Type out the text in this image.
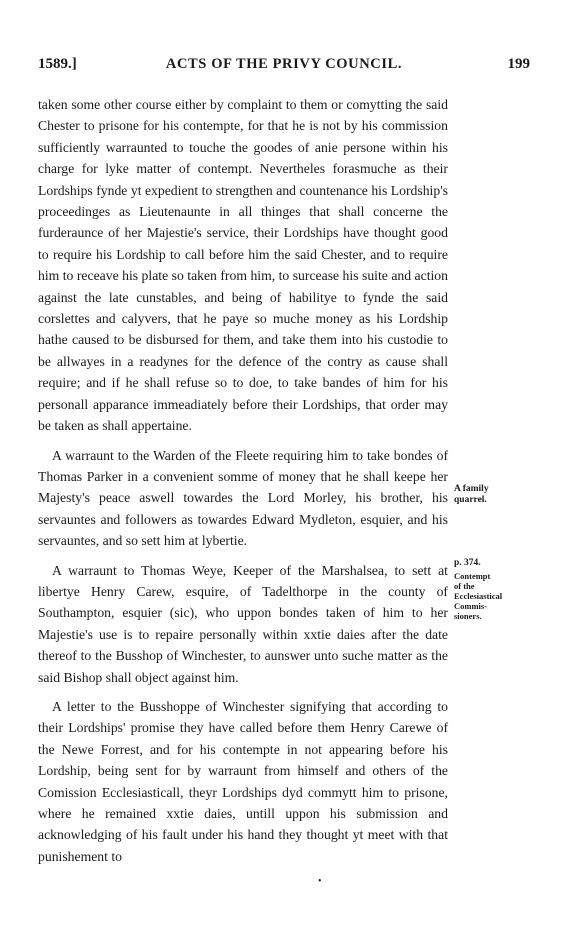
1589.]	ACTS OF THE PRIVY COUNCIL.	199

taken some other course either by complaint to them or comytting the said Chester to prisone for his contempte, for that he is not by his commission sufficiently warraunted to touche the goodes of anie persone within his charge for lyke matter of contempt. Nevertheles forasmuche as their Lordships fynde yt expedient to strengthen and countenance his Lordship's proceedinges as Lieutenaunte in all thinges that shall concerne the furderaunce of her Majestie's service, their Lordships have thought good to require his Lordship to call before him the said Chester, and to require him to receave his plate so taken from him, to surcease his suite and action against the late cunstables, and being of habilitye to fynde the said corslettes and calyvers, that he paye so muche money as his Lordship hathe caused to be disbursed for them, and take them into his custodie to be allwayes in a readynes for the defence of the contry as cause shall require; and if he shall refuse so to doe, to take bandes of him for his personall apparance immeadiately before their Lordships, that order may be taken as shall appertaine.

A warraunt to the Warden of the Fleete requiring him to take bondes of Thomas Parker in a convenient somme of money that he shall keepe her Majesty's peace aswell towardes the Lord Morley, his brother, his servauntes and followers as towardes Edward Mydleton, esquier, and his servauntes, and so sett him at lybertie.

A warraunt to Thomas Weye, Keeper of the Marshalsea, to sett at libertye Henry Carew, esquire, of Tadelthorpe in the county of Southampton, esquier (sic), who uppon bondes taken of him to her Majestie's use is to repaire personally within xxtie daies after the date thereof to the Busshop of Winchester, to aunswer unto suche matter as the said Bishop shall object against him.

A letter to the Busshoppe of Winchester signifying that according to their Lordships' promise they have called before them Henry Carewe of the Newe Forrest, and for his contempte in not appearing before his Lordship, being sent for by warraunt from himself and others of the Comission Ecclesiasticall, theyr Lordships dyd commytt him to prisone, where he remained xxtie daies, untill uppon his submission and acknowledging of his fault under his hand they thought yt meet with that punishement to

A family
quarrel.
p. 374.
Contempt
of the
Ecclesiastical
Commis-
sioners.
•
